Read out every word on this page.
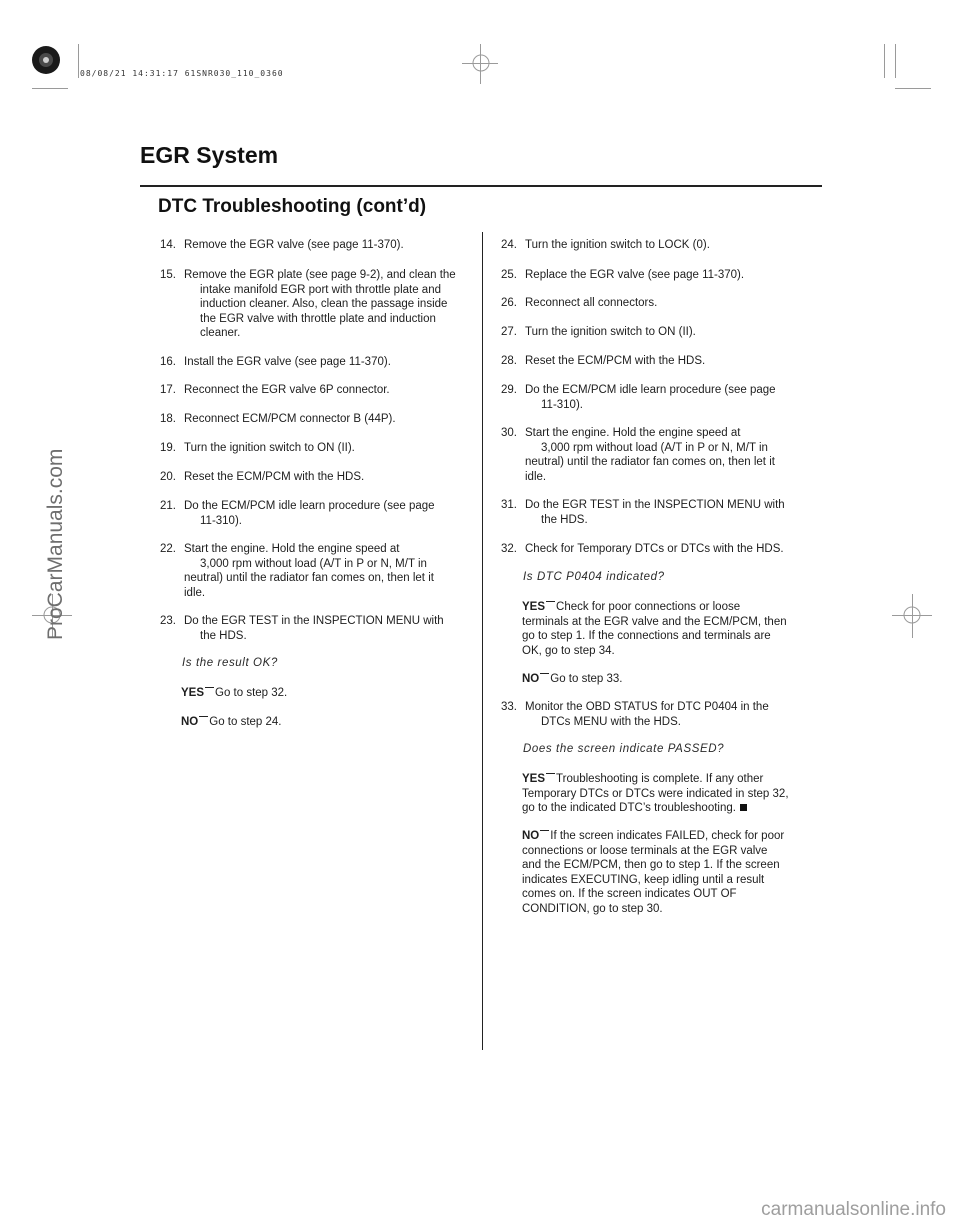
08/08/21 14:31:17 61SNR030_110_0360
ProCarManuals.com
carmanualsonline.info
EGR System
DTC Troubleshooting (cont’d)
14. Remove the EGR valve (see page 11-370).
15. Remove the EGR plate (see page 9-2), and clean the
intake manifold EGR port with throttle plate and
induction cleaner. Also, clean the passage inside
the EGR valve with throttle plate and induction
cleaner.
16. Install the EGR valve (see page 11-370).
17. Reconnect the EGR valve 6P connector.
18. Reconnect ECM/PCM connector B (44P).
19. Turn the ignition switch to ON (II).
20. Reset the ECM/PCM with the HDS.
21. Do the ECM/PCM idle learn procedure (see page
11-310).
22. Start the engine. Hold the engine speed at
3,000 rpm without load (A/T in P or N, M/T in
neutral) until the radiator fan comes on, then let it
idle.
23. Do the EGR TEST in the INSPECTION MENU with
the HDS.
Is the result OK?
YES Go to step 32.
NO Go to step 24.
24. Turn the ignition switch to LOCK (0).
25. Replace the EGR valve (see page 11-370).
26. Reconnect all connectors.
27. Turn the ignition switch to ON (II).
28. Reset the ECM/PCM with the HDS.
29. Do the ECM/PCM idle learn procedure (see page
11-310).
30. Start the engine. Hold the engine speed at
3,000 rpm without load (A/T in P or N, M/T in
neutral) until the radiator fan comes on, then let it
idle.
31. Do the EGR TEST in the INSPECTION MENU with
the HDS.
32. Check for Temporary DTCs or DTCs with the HDS.
Is DTC P0404 indicated?
YES Check for poor connections or loose
terminals at the EGR valve and the ECM/PCM, then
go to step 1. If the connections and terminals are
OK, go to step 34.
NO Go to step 33.
33. Monitor the OBD STATUS for DTC P0404 in the
DTCs MENU with the HDS.
Does the screen indicate PASSED?
YES Troubleshooting is complete. If any other
Temporary DTCs or DTCs were indicated in step 32,
go to the indicated DTC’s troubleshooting.
NO If the screen indicates FAILED, check for poor
connections or loose terminals at the EGR valve
and the ECM/PCM, then go to step 1. If the screen
indicates EXECUTING, keep idling until a result
comes on. If the screen indicates OUT OF
CONDITION, go to step 30.
